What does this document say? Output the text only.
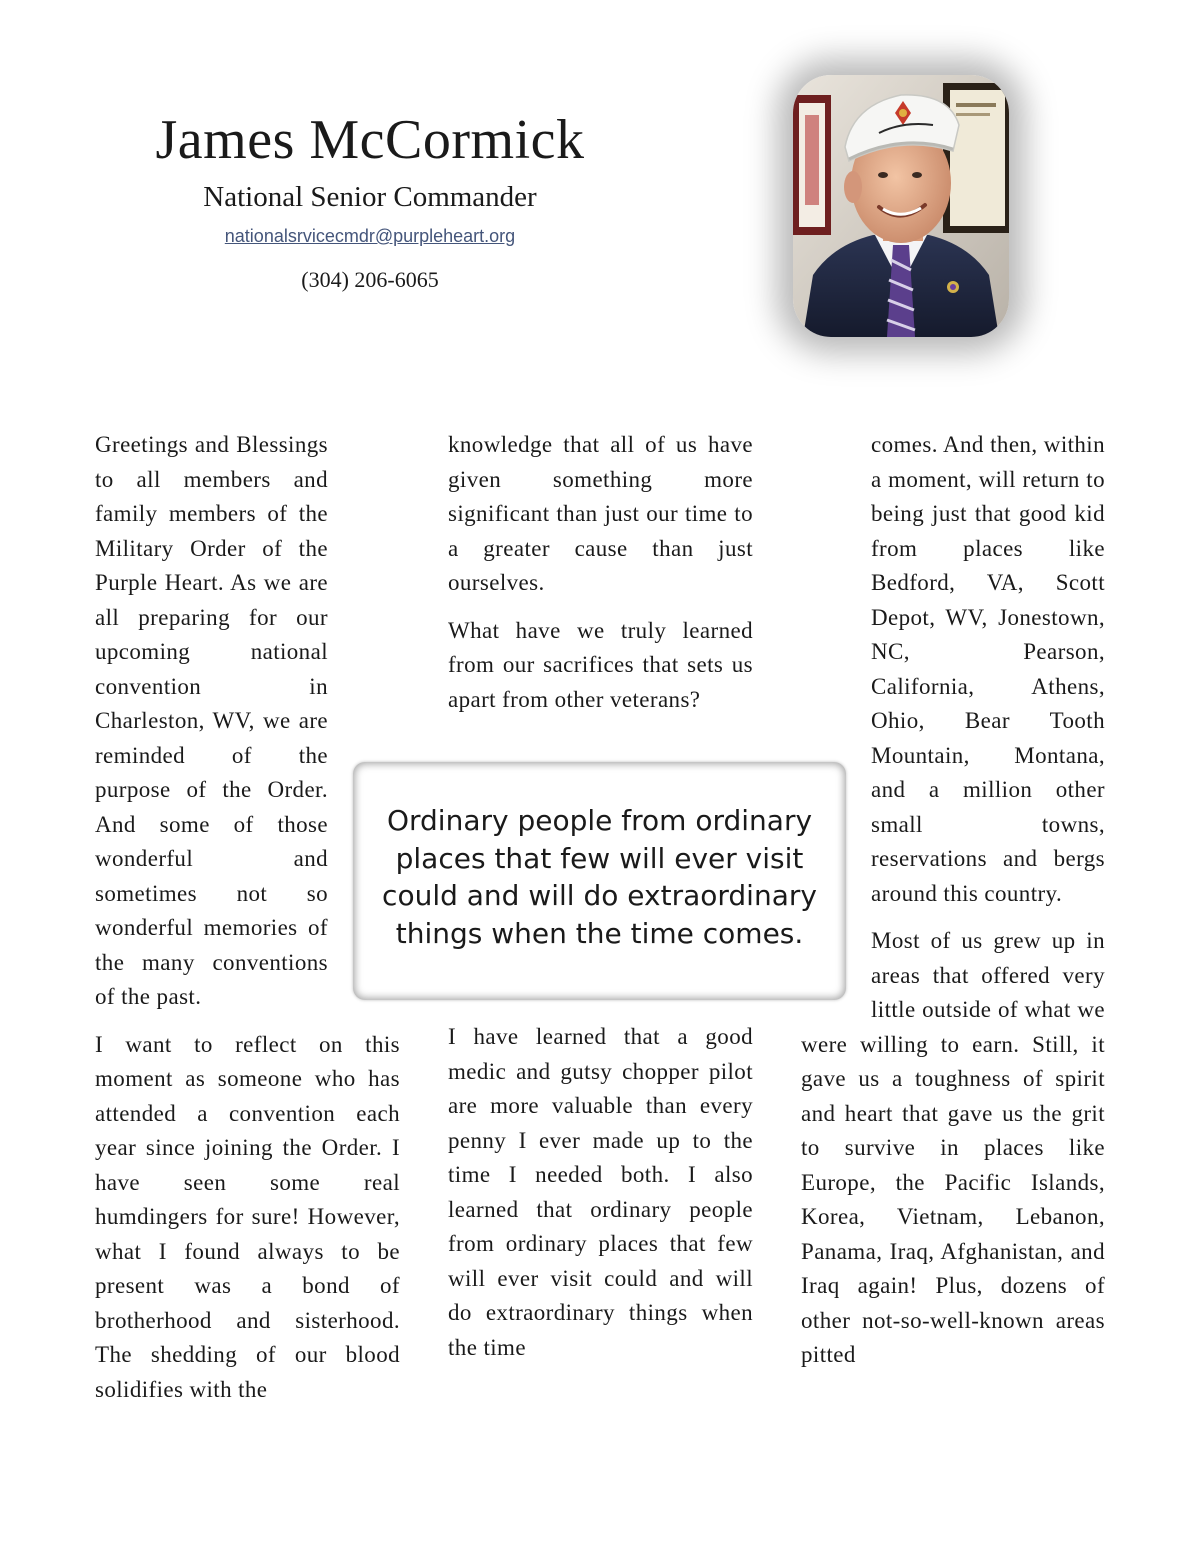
James McCormick
National Senior Commander
nationalsrvicecmdr@purpleheart.org
(304) 206-6065

Greetings and Blessings to all members and family members of the Military Order of the Purple Heart. As we are all preparing for our upcoming national convention in Charleston, WV, we are reminded of the purpose of the Order. And some of those wonderful and sometimes not so wonderful memories of the many conventions of the past.

I want to reflect on this moment as someone who has attended a convention each year since joining the Order. I have seen some real humdingers for sure! However, what I found always to be present was a bond of brotherhood and sisterhood. The shedding of our blood solidifies with the

knowledge that all of us have given something more significant than just our time to a greater cause than just ourselves.

What have we truly learned from our sacrifices that sets us apart from other veterans?

I have learned that a good medic and gutsy chopper pilot are more valuable than every penny I ever made up to the time I needed both. I also learned that ordinary people from ordinary places that few will ever visit could and will do extraordinary things when the time

comes. And then, within a moment, will return to being just that good kid from places like Bedford, VA, Scott Depot, WV, Jonestown, NC, Pearson, California, Athens, Ohio, Bear Tooth Mountain, Montana, and a million other small towns, reservations and bergs around this country.

Most of us grew up in areas that offered very little outside of what we were willing to earn. Still, it gave us a toughness of spirit and heart that gave us the grit to survive in places like Europe, the Pacific Islands, Korea, Vietnam, Lebanon, Panama, Iraq, Afghanistan, and Iraq again! Plus, dozens of other not-so-well-known areas pitted

Ordinary people from ordinary places that few will ever visit could and will do extraordinary things when the time comes.
